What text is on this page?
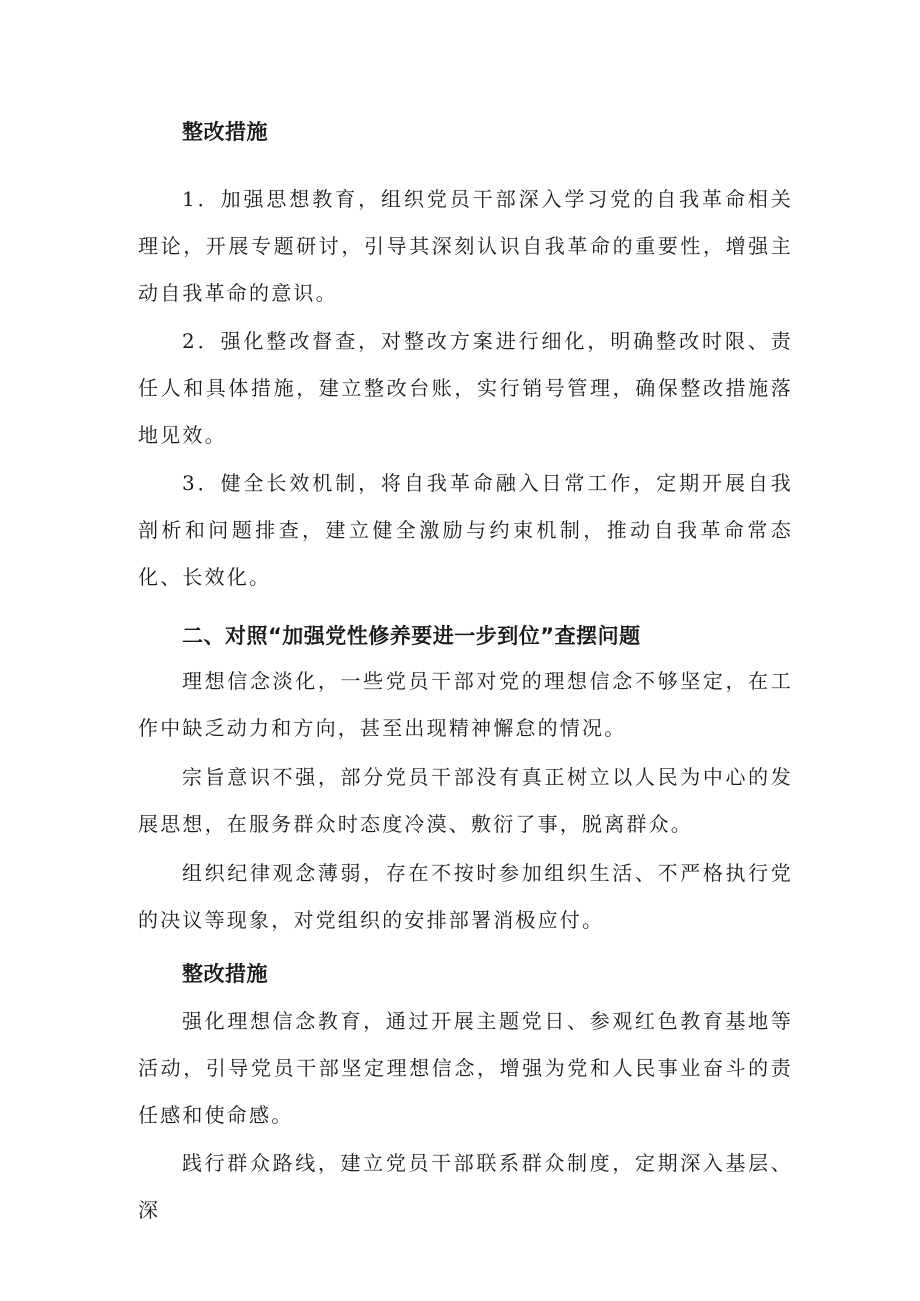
整改措施

1．加强思想教育，组织党员干部深入学习党的自我革命相关理论，开展专题研讨，引导其深刻认识自我革命的重要性，增强主动自我革命的意识。

2．强化整改督查，对整改方案进行细化，明确整改时限、责任人和具体措施，建立整改台账，实行销号管理，确保整改措施落地见效。

3．健全长效机制，将自我革命融入日常工作，定期开展自我剖析和问题排查，建立健全激励与约束机制，推动自我革命常态化、长效化。

二、对照“加强党性修养要进一步到位”查摆问题

理想信念淡化，一些党员干部对党的理想信念不够坚定，在工作中缺乏动力和方向，甚至出现精神懈怠的情况。

宗旨意识不强，部分党员干部没有真正树立以人民为中心的发展思想，在服务群众时态度冷漠、敷衍了事，脱离群众。

组织纪律观念薄弱，存在不按时参加组织生活、不严格执行党的决议等现象，对党组织的安排部署消极应付。

整改措施

强化理想信念教育，通过开展主题党日、参观红色教育基地等活动，引导党员干部坚定理想信念，增强为党和人民事业奋斗的责任感和使命感。

践行群众路线，建立党员干部联系群众制度，定期深入基层、深
